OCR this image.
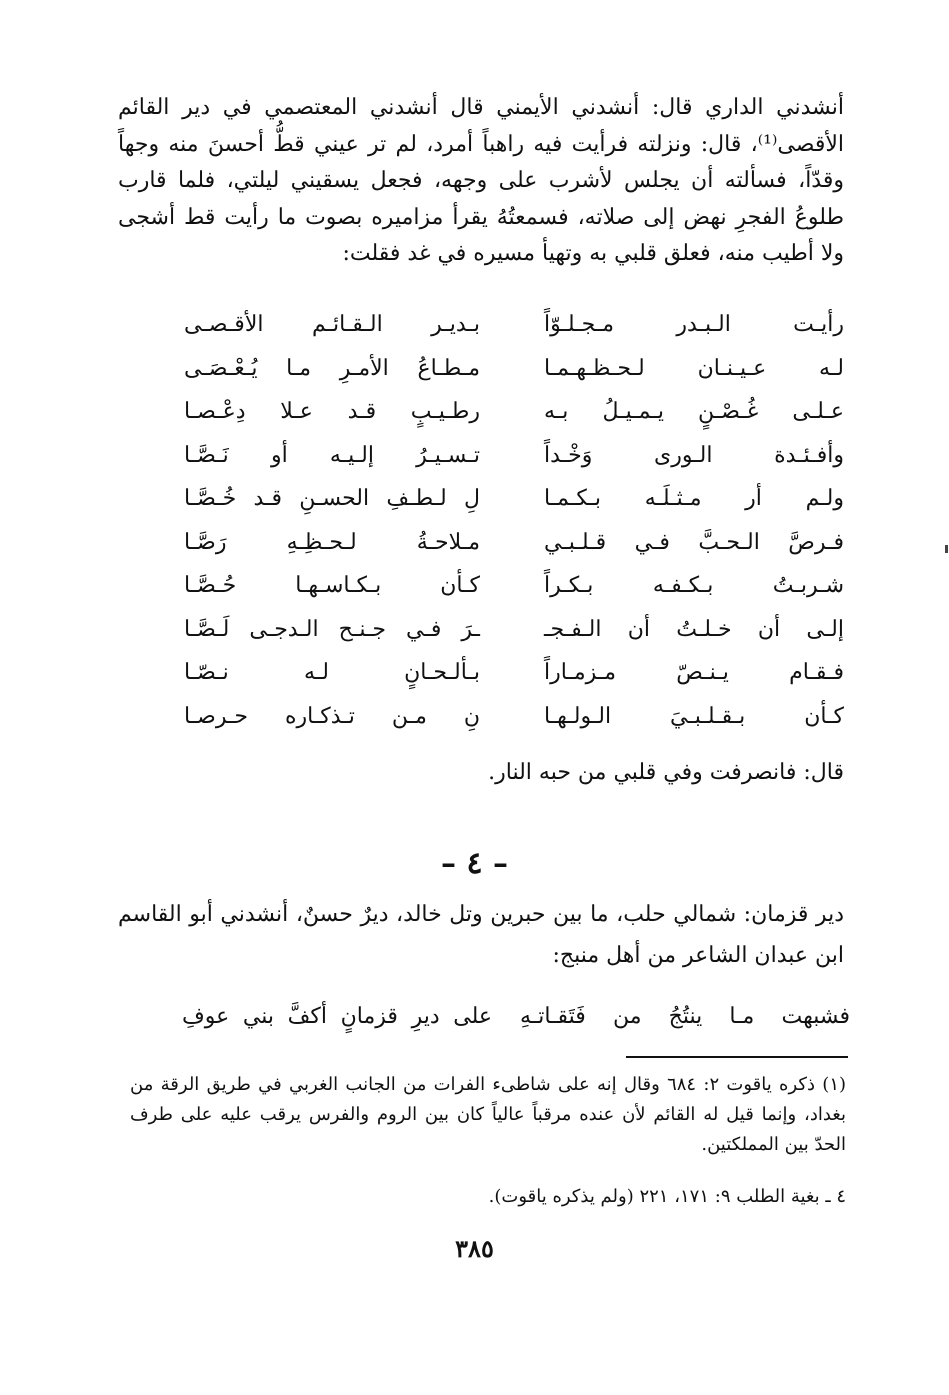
أنشدني الداري قال: أنشدني الأيمني قال أنشدني المعتصمي في دير القائم الأقصى⁽¹⁾، قال: ونزلته فرأيت فيه راهباً أمرد، لم تر عيني قطُّ أحسنَ منه وجهاً وقدّاً، فسألته أن يجلس لأشرب على وجهه، فجعل يسقيني ليلتي، فلما قارب طلوعُ الفجرِ نهض إلى صلاته، فسمعتُهُ يقرأ مزاميره بصوت ما رأيت قط أشجى ولا أطيب منه، فعلق قلبي به وتهيأ مسيره في غد فقلت:

رأيـت الـبـدر مـجـلـوّاً
بـديـر الـقـائـم الأقـصـى
لـه عـيـنـان لـحـظـهـمـا
مـطـاعُ الأمـرِ مـا يُـعْـصَـى
عـلـى غُـصْـنٍ يـمـيـلُ بـه
رطـيـبٍ قـد عـلا دِعْـصـا
وأفـئـدة الـورى وَخْـداً
تـسـيـرُ إلـيـه أو نَـصَّـا
ولـم أر مـثـلَـه بـكـمـا
لِ لـطـفِ الحسـنِ قـد خُـصَّـا
فـرصَّ الـحـبَّ فـي قـلـبـي
مـلاحـةُ لـحـظِـهِ رَصَّـا
شـربـتُ بـكـفـه بـكـراً
كـأن بـكـاسـهـا حُـصَّـا
إلـى أن خـلـتُ أن الـفـجـ
ـرَ فـي جـنـح الـدجـى لَـصَّـا
فـقـام يـنـصّ مـزمـاراً
بـألـحـانٍ لـه نـصّـا
كـأن بـقـلـبـيَ الـولـهـا
نِ مـن تـذكـاره حـرصـا

قال: فانصرفت وفي قلبي من حبه النار.

– ٤ –

دير قزمان: شمالي حلب، ما بين حبرين وتل خالد، ديرٌ حسنٌ، أنشدني أبو القاسم ابن عبدان الشاعر من أهل منبج:

فشبهت مـا ينتُجُ من فَتَقـاتـهِ
على ديرِ قزمانٍ أكفَّ بني عوفِ

(١) ذكره ياقوت ٢: ٦٨٤ وقال إنه على شاطىء الفرات من الجانب الغربي في طريق الرقة من بغداد، وإنما قيل له القائم لأن عنده مرقباً عالياً كان بين الروم والفرس يرقب عليه على طرف الحدّ بين المملكتين.

٤ ـ بغية الطلب ٩: ١٧١، ٢٢١ (ولم يذكره ياقوت).

٣٨٥
